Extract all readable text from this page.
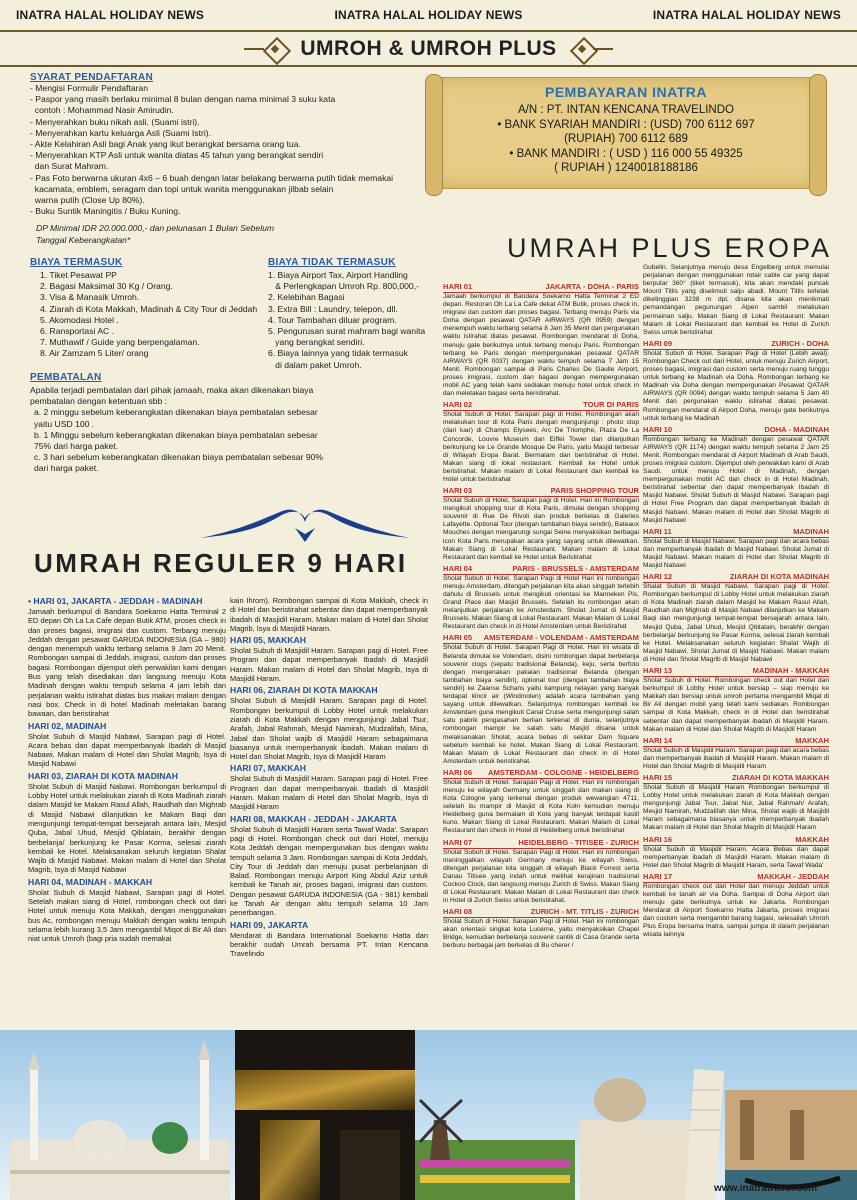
INATRA HALAL HOLIDAY NEWS	INATRA HALAL HOLIDAY NEWS	INATRA HALAL HOLIDAY NEWS
UMROH & UMROH PLUS
SYARAT PENDAFTARAN
- Mengisi Formulir Pendaftaran
- Paspor yang masih berlaku minimal 8 bulan dengan nama minimal 3 suku kata
contoh : Mohammad Nasir Amirudin.
- Menyerahkan buku nikah asli. (Suami istri).
- Menyerahkan kartu keluarga Asli (Suami Istri).
- Akte Kelahiran Asli bagi Anak yang ikut berangkat bersama orang tua.
- Menyerahkan KTP Asli untuk wanita diatas 45 tahun yang berangkat sendiri
dan Surat Mahram.
- Pas Foto berwarna ukuran 4x6 – 6 buah dengan latar belakang berwarna putih tidak memakai
kacamata, emblem, seragam dan topi untuk wanita menggunakan jilbab selain
warna putih (Close Up 80%).
- Buku Suntik Maningitis / Buku Kuning.
DP Minimal IDR 20.000.000,- dan pelunasan 1 Bulan Sebelum
Tanggal Keberangkatan*
BIAYA TERMASUK
1. Tiket Pesawat PP
2. Bagasi Maksimal 30 Kg / Orang.
3. Visa & Manasik Umroh.
4. Ziarah di Kota Makkah, Madinah & City Tour di Jeddah
5. Akomodasi Hotel .
6. Ransportasi AC .
7. Muthawif / Guide yang berpengalaman.
8. Air Zamzam 5 Liter/ orang
BIAYA TIDAK TERMASUK
1. Biaya Airport Tax, Airport Handling
& Perlengkapan Umroh Rp. 800,000,-
2. Kelebihan Bagasi
3. Extra Bill : Laundry, telepon, dll.
4. Tour Tambahan diluar program.
5. Pengurusan surat mahram bagi wanita
yang berangkat sendiri.
6. Biaya lainnya yang tidak termasuk
di dalam paket Umroh.
PEMBATALAN
Apabila terjadi pembatalan dari pihak jamaah, maka akan dikenakan biaya pembatalan dengan ketentuan sbb :
a. 2 minggu sebelum keberangkatan dikenakan biaya pembatalan sebesar yaitu USD 100 .
b. 1 Minggu sebelum keberangkatan dikenakan biaya pembatalan sebesar 75% dari harga paket.
c. 3 hari sebelum keberangkatan dikenakan biaya pembatalan sebesar 90% dari harga paket.
PEMBAYARAN INATRA
A/N : PT. INTAN KENCANA TRAVELINDO
• BANK SYARIAH MANDIRI : (USD) 700 6112 697
(RUPIAH) 700 6112 689
• BANK MANDIRI : ( USD ) 116 000 55 49325
( RUPIAH ) 1240018188186
UMRAH PLUS EROPA
UMRAH REGULER 9 HARI
• HARI 01, JAKARTA - JEDDAH - MADINAH
Jamaah berkumpul di Bandara Soekarno Hatta Terminal 2 ED depan Oh La La Cafe depan Butik ATM, proses check in dan proses bagasi, imigrasi dan custom. Terbang menuju Jeddah dengan pesawat GARUDA INDONESIA (GA – 980) dengan menempuh waktu terbang selama 9 Jam 20 Menit. Rombongan sampai di Jeddah, imigrasi, custom dan proses bagasi. Rombongan dijemput oleh perwakilan kami dengan Bus yang telah disediakan dan langsung menuju Kota Madinah dengan waktu tempuh selama 4 jam lebih dan perjalanan waktu istirahat diatas bus makan malam dengan nasi box. Check in di hotel Madinah meletakan barang bawaan, dan beristirahat
HARI 02, MADINAH
Sholat Subuh di Masjid Nabawi, Sarapan pagi di Hotel. Acara bebas dan dapat memperbanyak Ibadah di Masjid Nabawi. Makan malam di Hotel dan Sholat Magrib, Isya di Masjid Nabawi
HARI 03, ZIARAH DI KOTA MADINAH
Sholat Subuh di Masjid Nabawi. Rombongan berkumpul di Lobby Hotel untuk melakukan ziarah di Kota Madinah ziarah dalam Masjid ke Makam Rasul Allah, Raudhah dan Mighrab di Masjid Nabawi dilanjutkan ke Makam Baqi dan mengunjungi tempat-tempat bersejarah antara lain, Mesjid Quba, Jabal Uhud, Mesjid Qiblatain, berakhir dengan berbelanja/ berkunjung ke Pasar Korma, selesai ziarah kembali ke Hotel. Melaksanakan seluruh kegiatan Shalat Wajib di Masjid Nabawi. Makan malam di Hotel dan Sholat Magrib, Isya di Masjid Nabawi
HARI 04, MADINAH - MAKKAH
Sholat Subuh di Masjid Nabawi, Sarapan pagi di Hotel. Setelah makan siang di Hotel, rombongan check out dari Hotel untuk menuju Kota Makkah, dengan menggunakan bus Ac, rombongan menuju Makkah dengan waktu tempuh selama lebih kurang 3,5 Jam mengambil Miqot di Bir Ali dan niat untuk Umroh (bagi pria sudah memakai
kain Ihrom). Rombongan sampai di Kota Makkah, check in di Hotel dan beristirahat sebentar dan dapat memperbanyak ibadah di Masjidil Haram. Makan malam di Hotel dan Sholat Magrib, Isya di Masjidil Haram.
HARI 05, MAKKAH
Sholat Subuh di Masjidil Haram. Sarapan pagi di Hotel. Free Program dan dapat memperbanyak Ibadah di Masjidil Haram. Makan malam di Hotel dan Sholat Magrib, Isya di Masjidil Haram.
HARI 06, ZIARAH DI KOTA MAKKAH
Sholat Subuh di Masjidil Haram. Sarapan pagi di Hotel. Rombongan berkumpul di Lobby Hotel untuk melakukan ziarah di Kota Makkah dengan mengunjungi Jabal Tsur, Arafah, Jabal Rahmah, Mesjid Namirah, Mudzalifah, Mina, Jabal dan Sholat wajib di Masjidil Haram sebagaimana biasanya untuk memperbanyak ibadah. Makan malam di Hotel dan Sholat Magrib, Isya di Masjidil Haram
HARI 07, MAKKAH
Sholat Subuh di Masjidil Haram. Sarapan pagi di Hotel. Free Program dan dapat memperbanyak Ibadah di Masjidil Haram. Makan malam di Hotel dan Sholat Magrib, Isya di Masjidil Haram
HARI 08, MAKKAH - JEDDAH - JAKARTA
Sholat Subuh di Masjidil Haram serta Tawaf Wada'. Sarapan pagi di Hotel. Rombongan check out dari Hotel, menuju Kota Jeddah dengan mempergunakan bus dengan waktu tempuh selama 3 Jam. Rombongan sampai di Kota Jeddah, City Tour di Jeddah dan menuju pusat perbelanjaan di Balad. Rombongan menuju Airport King Abdul Aziz untuk kembali ke Tanah air, proses bagasi, imigrasi dan custom. Dengan pesawat GARUDA INDONESIA (GA - 981) kembali ke Tanah Air dengan aktu tempuh selama 10 Jam penerbangan.
HARI 09, JAKARTA
Mendarat di Bandara International Soekarno Hatta dan berakhir sudah Umrah bersama PT. Intan Kencana Travelindo
HARI 01	JAKARTA - DOHA - PARIS
Jamaah berkumpul di Bandara Soekarno Hatta Terminal 2 ED depan. Restoran Oh La La Cafe dekat ATM Butik, proses check in, imigrasi dan custom dan proses bagasi. Terbang menuju Paris via Doha dengan pesawat QATAR AIRWAYS (QR 0959) dengan menempuh waktu terbang selama 8 Jam 35 Menit dan pergunakan waktu istirahat diatas pesawat. Rombongan mendarat di Doha, menuju gate berikutnya untuk terbang menuju Paris. Rombongan terbang ke Paris dengan mempergunakan pesawat QATAR AIRWAYS (QR 0037) dengan waktu tempuh selama 7 Jam 15 Menit. Rombongan sampai di Paris Charles De Gaulle Airport, proses imigrasi, custom dan bagasi dengan mempergunakan mobil AC yang telah kami sediakan menuju hotel untuk check in dan meletakan bagasi serta beristirahat.
HARI 02	TOUR DI PARIS
Sholat Subuh di Hotel. Sarapan pagi di Hotel. Rombongan akan melakukan tour di Kota Paris dengan mengunjungi : photo stop (dari luar) di Champs Elysees, Arc De Triomphe, Plaza De La Concorde, Louvre Museum dan Eiffel Tower dan dilanjutkan berkunjung ke Le Grande Mosque De Paris, yaitu Masjid terbesar di Wilayah Eropa Barat. Bermalam dan beristirahat di Hotel. Makan siang di lokal restaurant. Kembali ke Hotel untuk beristirahat. Makan malam di Lokal Restaurant dan kembali ke Hotel untuk beristirahat
HARI 03	PARIS SHOPPING TOUR
Sholat Subuh di Hotel, Sarapan pagi di Hotel. Hari ini Rombongan mengikuti shopping tour di Kota Paris, dimulai dengan shopping souvenir di Rue De Rivoli dan produk berkelas di Galeries Lafayette. Optional Tour (dengan tambahan biaya sendiri), Bateaux Mouches dengan mengarungi sungai Seine menyaksikan berbagai icon Kota Paris merupakan acara yang sayang untuk dilewatkan. Makan Siang di Lokal Restaurant. Makan malam di Lokal Restaurant dan kembali ke Hotel untuk Beristirahat
HARI 04	PARIS - BRUSSELS - AMSTERDAM
Sholat Subuh di Hotel. Sarapan Pagi di Hotel Hari ini rombongan menuju Amsterdam, ditengah perjalanan kita akan singgah terlebih dahulu di Brussels untuk mengikuti orientasi ke Manneken Pis, Grand Place dan Masjid Brussels. Setelah itu rombongan akan melanjutkan perjalanan ke Amsterdam. Sholat Jumat di Masjid Brussels. Makan Siang di Lokal Restaurant. Makan Malam di Lokal Restaurant dan check in di Hotel Amsterdam untuk Beristirahat
HARI 05 AMSTERDAM - VOLENDAM - AMSTERDAM
Sholat Subuh di Hotel. Sarapan Pagi di Hotel. Hari ini wisata di Belanda dimulai ke Volendam, disini rombongan dapat berbelanja souvenir clogs (sepatu tradisional Belanda), keju, serta berfoto dengan mengenakan pakaian tradisional Belanda (dengan tambahan biaya sendiri), optional tour (dengan tambahan biaya sendiri) ke Zaanse Schans yaitu kampung nelayan yang banyak terdapat kincir air (Windmolen) adalah acara tambahan yang sayang untuk dilewatkan. Selanjutnya rombongan kembali ke Amsterdam guna mengikuti Canal Cruise serta mengunjungi salah satu pabrik pengasahan berlian terkenal di dunia, selanjutnya rombongan mampir ke salah satu Masjid disana untuk melaksanakan Sholat, acara bebas di sekitar Dam Square sebelum kembali ke hotel. Makan Siang di Lokal Restaurant. Makan Malam di Lokal Restaurant dan check in di Hotel Amsterdam untuk beristirahat.
HARI 06 AMSTERDAM - COLOGNE - HEIDELBERG
Sholat Subuh di Hotel. Sarapan Pagi di Hotel. Hari ini rombongan menuju ke wilayah Germany untuk singgah dan makan siang di Kota Cologne yang terkenal dengan produk wewangian 4711, setelah itu mampir di Masjid di Kota Koln kemudian menuju Heidelberg guna bermalam di Kota yang banyak terdapat kastil kuno. Makan Siang di Lokal Restaurant. Makan Malam di Lokal Restaurant dan check in Hotel di Heidelberg untuk beristirahat
HARI 07	HEIDELBERG - TITISEE - ZURICH
Sholat Subuh di Hotel. Sarapan Pagi di Hotel. Hari ini rombongan meninggalkan wilayah Germany menuju ke wilayah Swiss, ditengah perjalanan kita singgah di wilayah Black Forrest serta Danau Titisee yang indah untuk melihat kerajinan tradisional Cockoo Clock, dan langsung menuju Zurich di Swiss. Makan Siang di Lokal Restaurant. Makan Malam di Lokal Restaurant dan check in Hotel di Zurich Swiss untuk beristirahat.
HARI 08	ZURICH - MT. TITLIS - ZURICH
Sholat Subuh di Hotel. Sarapan Pagi di Hotel. Hari ini rombongan akan orientasi singkat kota Lucerne, yaitu menyaksikan Chapel Bridge, kemudian berbelanja souvenir cantik di Casa Grande serta berburu berbagai jam berkelas di Bu cherer /
Gubelin. Selanjutnya menuju desa Engelberg untuk memulai perjalanan dengan menggunakan rotair cable car yang dapat berputar 360° (tiket termasuk), kita akan mendaki puncak Mount Titlis yang diselimuti salju abadi. Mount Titlis terletak diketinggian 3238 m dpl, disana kita akan menikmati pemandangan pegunungan Alpen sambil melakukan permainan salju. Makan Siang di Lokal Restaurant. Makan Malam di Lokal Restaurant dan kembali ke Hotel di Zurich Swiss untuk beristirahat
HARI 09	ZURICH - DOHA
Sholat Subuh di Hotel. Sarapan Pagi di Hotel (Lebih awal). Rombongan Check out dari Hotel, untuk menuju Zurich Airport, proses bagasi, imigrasi dan custom serta menuju ruang tunggu untuk terbang ke Madinah via Doha. Rombongan terbang ke Madinah via Doha dengan mempergunakan Pesawat QATAR AIRWAYS (QR 0094) dengan waktu tempuh selama 5 Jam 40 Menit dan pergunakan waktu istirahat diatas pesawat. Rombongan mendarat di Airport Doha, menuju gate berikutnya untuk terbang ke Madinah
HARI 10	DOHA - MADINAH
Rombongan terbang ke Madinah dengan pesawat QATAR AIRWAYS (QR 1174) dengan waktu tempuh selama 2 Jam 25 Menit. Rombongan mendarat di Airport Madinah di Arab Saudi, proses imigrasi custom. Dijemput oleh perwakilan kami di Arab Saudi, untuk menuju Hotel di Madinah, dengan mempergunakan mobil AC dan check in di Hotel Madinah, beristirahat sebentar dan dapat memperbanyak Ibadah di Masjid Nabawi. Sholat Subuh di Masjid Nabawi. Sarapan pagi di Hotel Free Program dan dapat memperbanyak Ibadah di Masjid Nabawi. Makan malam di Hotel dan Sholat Magrib di Masjid Nabawi
HARI 11	MADINAH
Sholat Subuh di Masjid Nabawi. Sarapan pagi dan acara bebas dan memperbanyak ibadah di Masjid Nabawi. Sholat Jumat di Masjid Nabawi. Makan malam di Hotel dan Sholat Magrib di Masjid Nabawi
HARI 12	ZIARAH DI KOTA MADINAH
Shalat Subuh di Masjid Nabawi. Sarapan pagi di Hotel. Rombongan berkumpul di Lobby Hotel untuk melakukan ziarah di Kota Madinah ziarah dalam Masjid ke Makam Rasul Allah, Raudhah dan Mighrab di Masjid Nabawi dilanjutkan ke Makam Baqi dan mengunjungi tempat-tempat bersejarah antara lain, Mesjid Quba, Jabal Uhud, Mesjid Qiblatain, berakhir dengan berbelanja/ berkunjung ke Pasar Korma, selesai ziarah kembali ke Hotel. Melaksanakan seluruh kegiatan Shalat Wajib di Masjid Nabawi. Sholat Jumat di Masjid Nabawi. Makan malam di Hotel dan Sholat Magrib di Masjid Nabawi
HARI 13	MADINAH - MAKKAH
Sholat Subuh di Hotel. Rombongan check out dari Hotel dan berkumpul di Lobby Hotel untuk bersiap – siap menuju ke Makkah dan bersiap untuk umroh pertama mengambil Miqat di Bir Ali dengan mobil yang telah kami sediakan. Rombongan sampai di Kota Makkah, check in di Hotel dan beristirahat sebentar dan dapat memperbanyak ibadah di Masjidil Haram. Makan malam di Hotel dan Sholat Magrib di Masjidil Haram
HARI 14	MAKKAH
Sholat Subuh di Masjidil Haram. Sarapan pagi dan acara bebas dan memperbanyak ibadah di Masjidil Haram. Makan malam di Hotel dan Sholat Magrib di Masjidil Haram
HARI 15	ZIARAH DI KOTA MAKKAH
Sholat Subuh di Masjidil Haram Rombongan berkumpul di Lobby Hotel untuk melakukan ziarah di Kota Makkah dengan mengunjungi Jabal Tsur, Jabal Nur, Jabal Rahmah/ Arafah, Mesjid Namirah, Mudzalifah dan Mina, Sholat wajib di Masjidil Haram sebagaimana biasanya untuk memperbanyak ibadah Makan malam di Hotel dan Sholat Magrib di Masjidil Haram
HARI 16	MAKKAH
Sholat Subuh di Masjidil Haram. Acara Bebas dan dapat memperbanyak ibadah di Masjidil Haram. Makan malam di Hotel dan Sholat Magrib di Masjidil Haram, serta Tawaf Wada'
HARI 17	MAKKAH - JEDDAH
Rombongan check out dari Hotel dan menuju Jeddah untuk kembali ke tanah air via Doha. Sampai di Doha Airport dan menuju gate berikutnya untuk ke Jakarta. Rombongan Mendarat di Airport Soekarno Hatta Jakarta, proses imigrasi dan custom serta mengambil barang bagasi, selesailah Umroh Plus Eropa bersama Inatra, sampai jumpa di dalam perjalanan wisata lainnya
www.inatratravel.com
